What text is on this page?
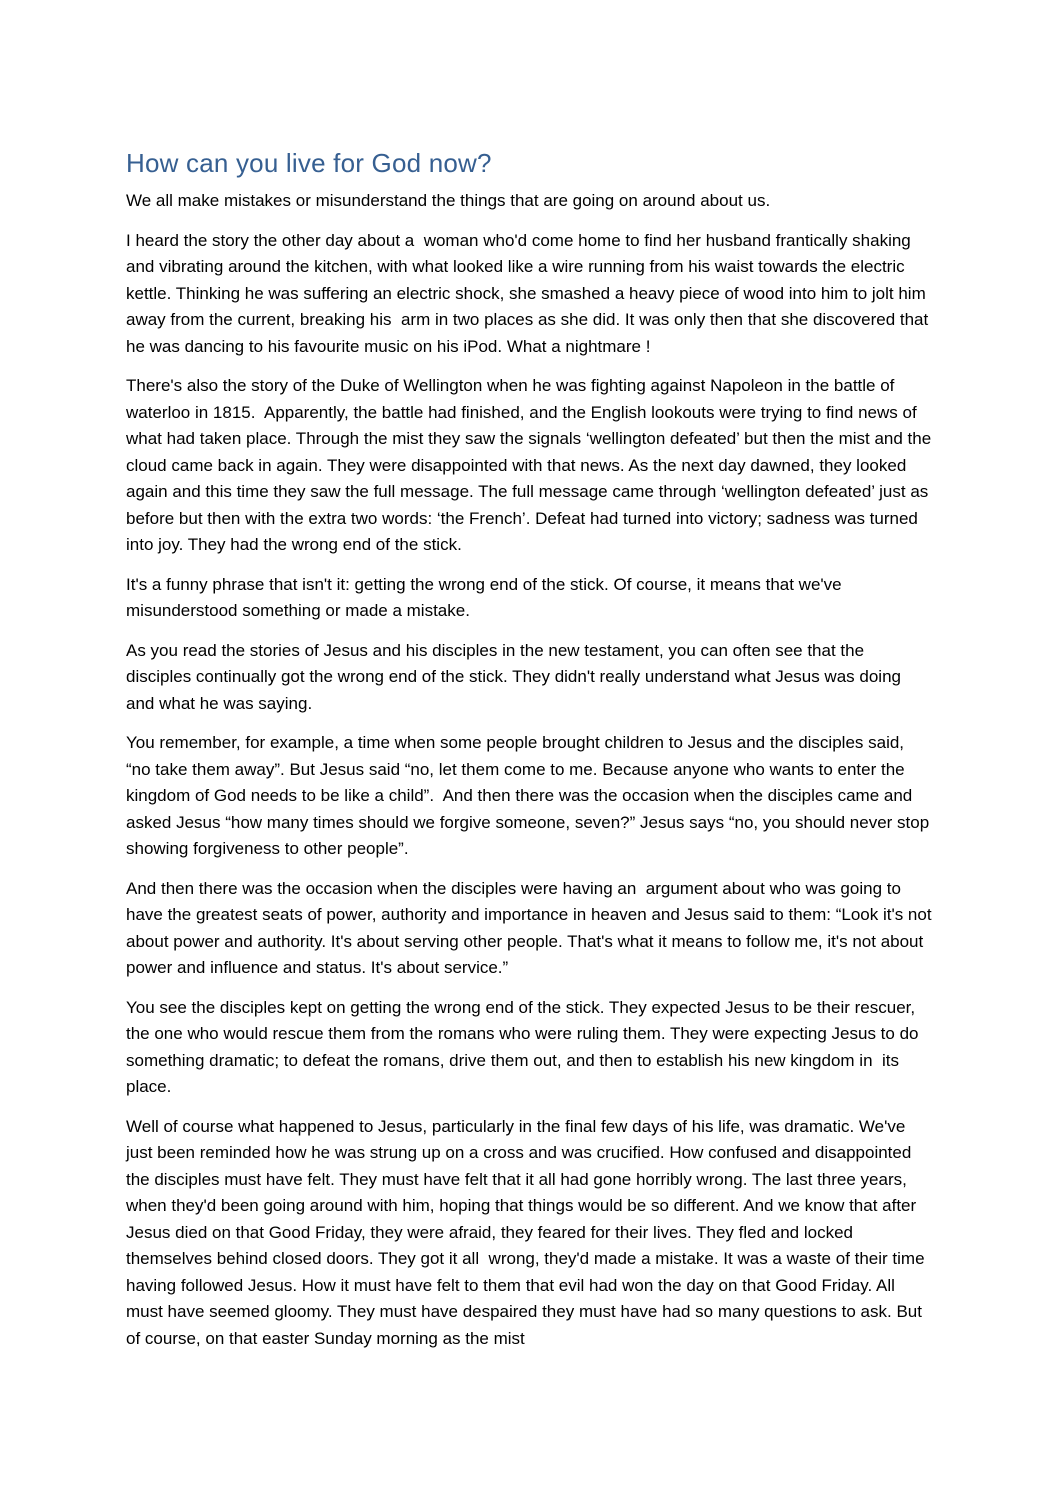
How can you live for God now?

We all make mistakes or misunderstand the things that are going on around about us.

I heard the story the other day about a  woman who'd come home to find her husband frantically shaking and vibrating around the kitchen, with what looked like a wire running from his waist towards the electric kettle. Thinking he was suffering an electric shock, she smashed a heavy piece of wood into him to jolt him away from the current, breaking his  arm in two places as she did. It was only then that she discovered that he was dancing to his favourite music on his iPod. What a nightmare !

There's also the story of the Duke of Wellington when he was fighting against Napoleon in the battle of waterloo in 1815.  Apparently, the battle had finished, and the English lookouts were trying to find news of what had taken place. Through the mist they saw the signals ‘wellington defeated’ but then the mist and the cloud came back in again. They were disappointed with that news. As the next day dawned, they looked again and this time they saw the full message. The full message came through ‘wellington defeated’ just as before but then with the extra two words: ‘the French’. Defeat had turned into victory; sadness was turned into joy. They had the wrong end of the stick.

It's a funny phrase that isn't it: getting the wrong end of the stick. Of course, it means that we've misunderstood something or made a mistake.

As you read the stories of Jesus and his disciples in the new testament, you can often see that the disciples continually got the wrong end of the stick. They didn't really understand what Jesus was doing and what he was saying.

You remember, for example, a time when some people brought children to Jesus and the disciples said, “no take them away”. But Jesus said “no, let them come to me. Because anyone who wants to enter the kingdom of God needs to be like a child”.  And then there was the occasion when the disciples came and asked Jesus “how many times should we forgive someone, seven?” Jesus says “no, you should never stop showing forgiveness to other people”.

And then there was the occasion when the disciples were having an  argument about who was going to have the greatest seats of power, authority and importance in heaven and Jesus said to them: “Look it's not about power and authority. It's about serving other people. That's what it means to follow me, it's not about power and influence and status. It's about service.”

You see the disciples kept on getting the wrong end of the stick. They expected Jesus to be their rescuer, the one who would rescue them from the romans who were ruling them. They were expecting Jesus to do something dramatic; to defeat the romans, drive them out, and then to establish his new kingdom in  its place.

Well of course what happened to Jesus, particularly in the final few days of his life, was dramatic. We've just been reminded how he was strung up on a cross and was crucified. How confused and disappointed the disciples must have felt. They must have felt that it all had gone horribly wrong. The last three years, when they'd been going around with him, hoping that things would be so different. And we know that after Jesus died on that Good Friday, they were afraid, they feared for their lives. They fled and locked themselves behind closed doors. They got it all  wrong, they'd made a mistake. It was a waste of their time having followed Jesus. How it must have felt to them that evil had won the day on that Good Friday. All must have seemed gloomy. They must have despaired they must have had so many questions to ask. But of course, on that easter Sunday morning as the mist
